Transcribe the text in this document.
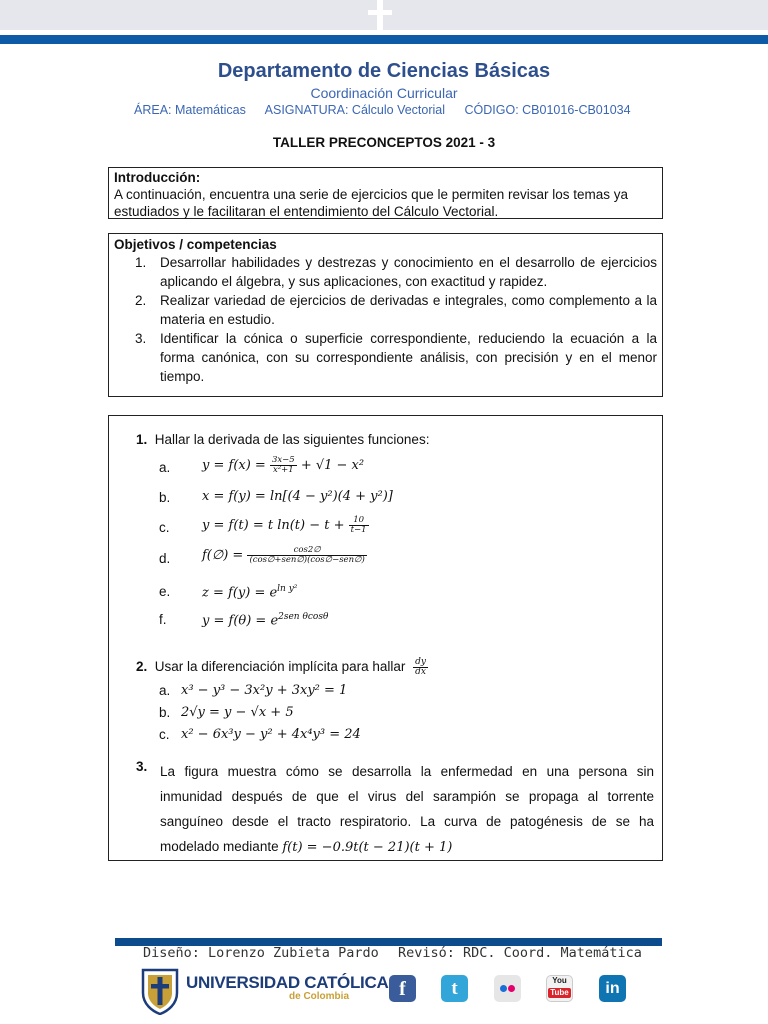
Departamento de Ciencias Básicas
Coordinación Curricular
ÁREA: Matemáticas ASIGNATURA: Cálculo Vectorial CÓDIGO: CB01016-CB01034
TALLER PRECONCEPTOS 2021 - 3
Introducción:
A continuación, encuentra una serie de ejercicios que le permiten revisar los temas ya estudiados y le facilitaran el entendimiento del Cálculo Vectorial.
Objetivos / competencias
1. Desarrollar habilidades y destrezas y conocimiento en el desarrollo de ejercicios aplicando el álgebra, y sus aplicaciones, con exactitud y rapidez.
2. Realizar variedad de ejercicios de derivadas e integrales, como complemento a la materia en estudio.
3. Identificar la cónica o superficie correspondiente, reduciendo la ecuación a la forma canónica, con su correspondiente análisis, con precisión y en el menor tiempo.
1. Hallar la derivada de las siguientes funciones:
a. $y = f(x) = \frac{3x-5}{\text{x²+1}} + √1 - x^2$
b. x = f(y) = ln[(4 − y²)(4 + y²)]
c. y = f(t) = t $\ln(t) - t + \frac{10}{t-1}$
d. f(∅) = $\frac{\cos 2\emptyset}{\text{(cos∅+sen∅)(cos∅−sen∅)}}$
e. $z = f(y) = e^{ln y^2}$
f.	$y = f(\theta) = e^{2sen \theta cos\theta}$
2. Usar la diferenciación implícita para hallar $\frac{dy}{dx}$
a. x³ − y³ − 3x²y + 3xy² = 1
b. 2√y = y − √x + 5
c. x² − 6x³y − y² + 4x⁴y³ = 24
3. La figura muestra cómo se desarrolla la enfermedad en una persona sin inmunidad después de que el virus del sarampión se propaga al torrente sanguíneo desde el tracto respiratorio. La curva de patogénesis de se ha modelado mediante f(t) = −0.9t(t − 21)(t + 1)
Diseño: Lorenzo Zubieta Pardo Revisó: RDC. Coord. Matemática
UNIVERSIDAD CATÓLICA
de Colombia	f	t	You
Tube	in
